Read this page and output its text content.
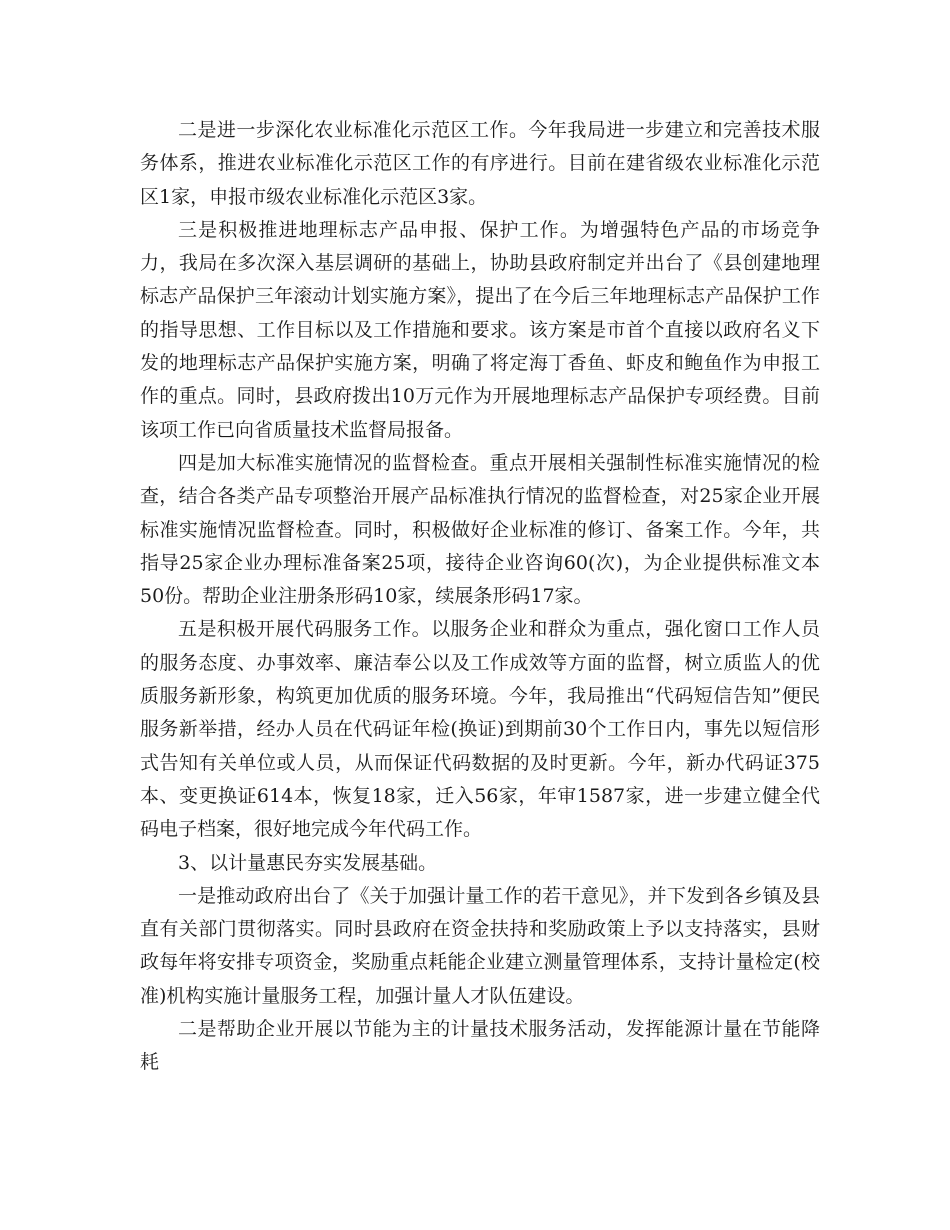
二是进一步深化农业标准化示范区工作。今年我局进一步建立和完善技术服务体系，推进农业标准化示范区工作的有序进行。目前在建省级农业标准化示范区1家，申报市级农业标准化示范区3家。

三是积极推进地理标志产品申报、保护工作。为增强特色产品的市场竞争力，我局在多次深入基层调研的基础上，协助县政府制定并出台了《县创建地理标志产品保护三年滚动计划实施方案》，提出了在今后三年地理标志产品保护工作的指导思想、工作目标以及工作措施和要求。该方案是市首个直接以政府名义下发的地理标志产品保护实施方案，明确了将定海丁香鱼、虾皮和鲍鱼作为申报工作的重点。同时，县政府拨出10万元作为开展地理标志产品保护专项经费。目前该项工作已向省质量技术监督局报备。

四是加大标准实施情况的监督检查。重点开展相关强制性标准实施情况的检查，结合各类产品专项整治开展产品标准执行情况的监督检查，对25家企业开展标准实施情况监督检查。同时，积极做好企业标准的修订、备案工作。今年，共指导25家企业办理标准备案25项，接待企业咨询60(次)，为企业提供标准文本50份。帮助企业注册条形码10家，续展条形码17家。

五是积极开展代码服务工作。以服务企业和群众为重点，强化窗口工作人员的服务态度、办事效率、廉洁奉公以及工作成效等方面的监督，树立质监人的优质服务新形象，构筑更加优质的服务环境。今年，我局推出“代码短信告知”便民服务新举措，经办人员在代码证年检(换证)到期前30个工作日内，事先以短信形式告知有关单位或人员，从而保证代码数据的及时更新。今年，新办代码证375本、变更换证614本，恢复18家，迁入56家，年审1587家，进一步建立健全代码电子档案，很好地完成今年代码工作。

3、以计量惠民夯实发展基础。

一是推动政府出台了《关于加强计量工作的若干意见》，并下发到各乡镇及县直有关部门贯彻落实。同时县政府在资金扶持和奖励政策上予以支持落实，县财政每年将安排专项资金，奖励重点耗能企业建立测量管理体系，支持计量检定(校准)机构实施计量服务工程，加强计量人才队伍建设。

二是帮助企业开展以节能为主的计量技术服务活动，发挥能源计量在节能降耗
